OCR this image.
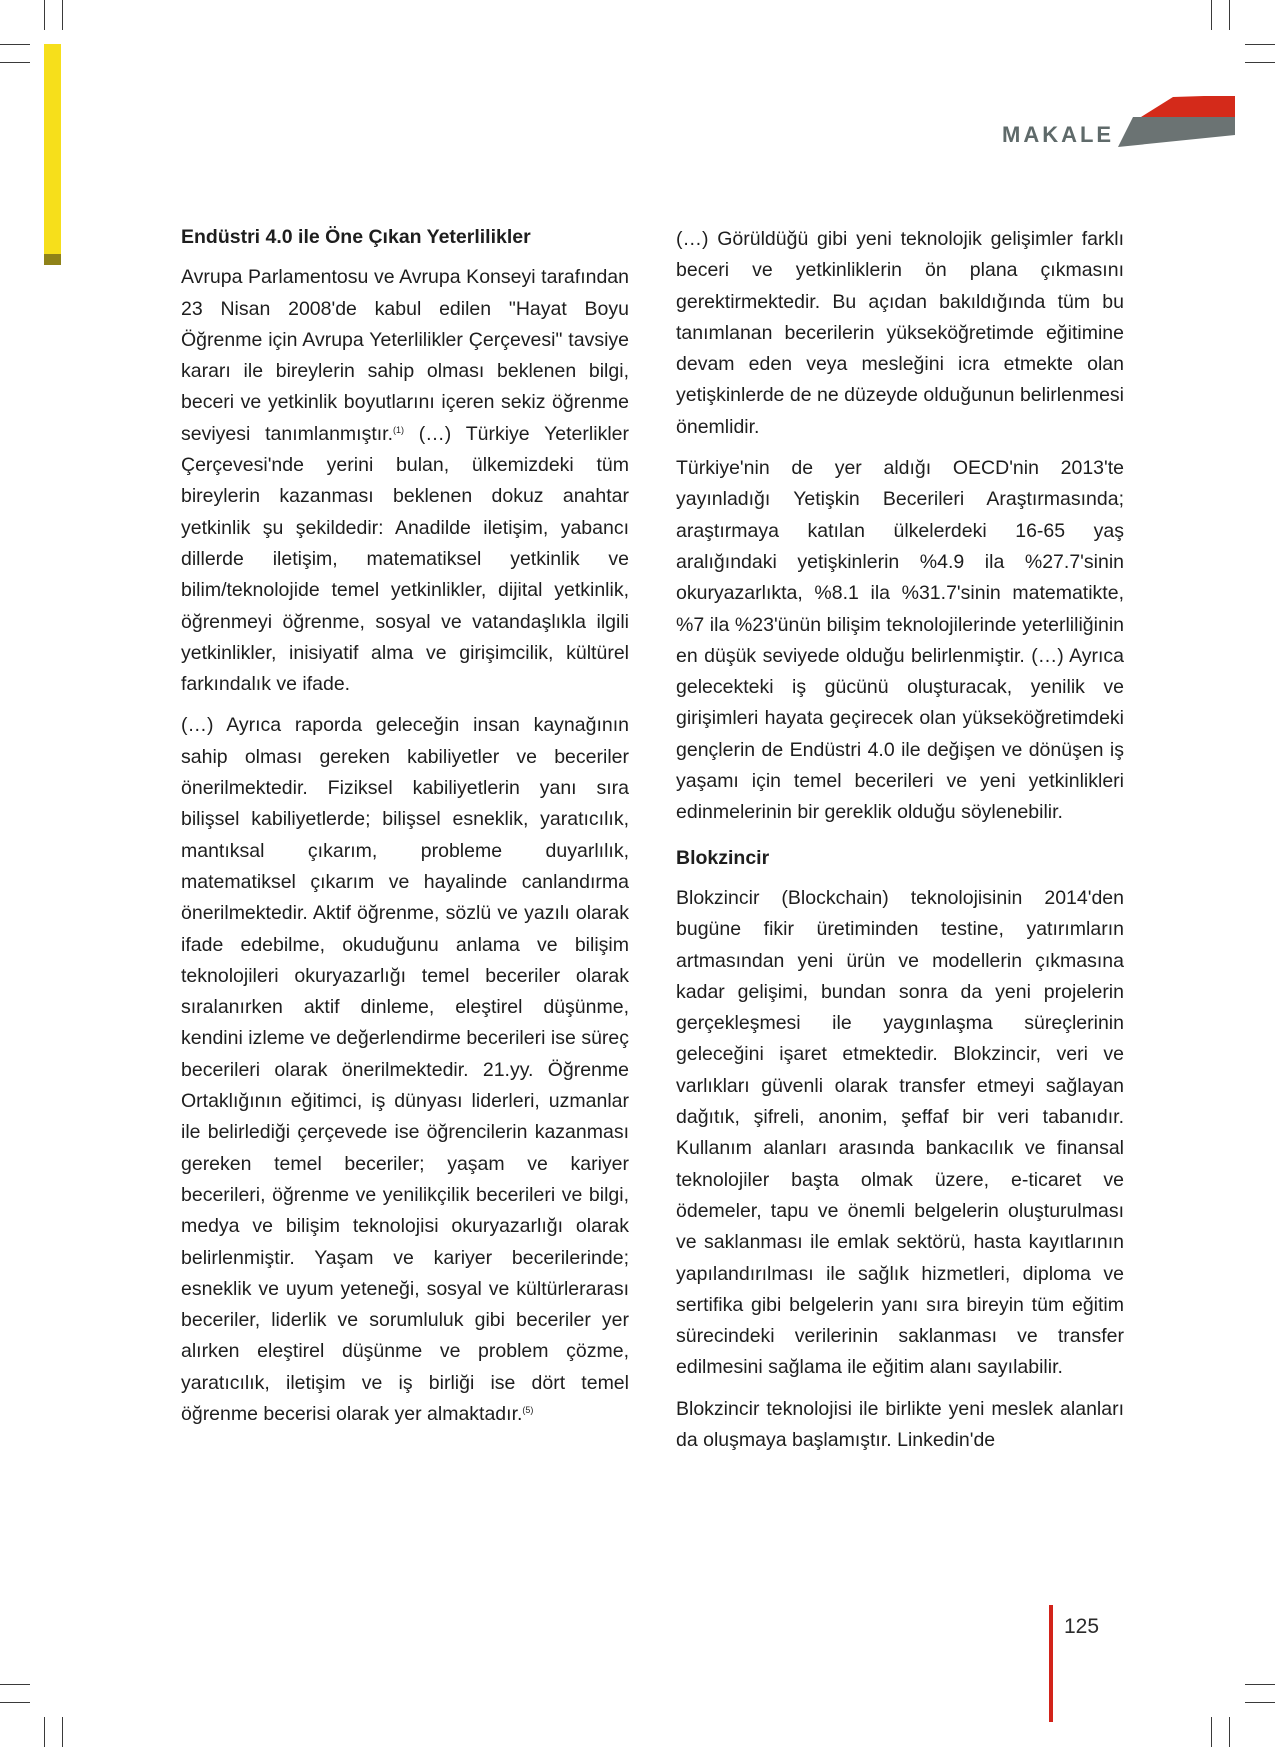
MAKALE

Endüstri 4.0 ile Öne Çıkan Yeterlilikler

Avrupa Parlamentosu ve Avrupa Konseyi tarafından 23 Nisan 2008'de kabul edilen "Hayat Boyu Öğrenme için Avrupa Yeterlilikler Çerçevesi" tavsiye kararı ile bireylerin sahip olması beklenen bilgi, beceri ve yetkinlik boyutlarını içeren sekiz öğrenme seviyesi tanımlanmıştır.$^{(1)}$ (…) Türkiye Yeterlikler Çerçevesi'nde yerini bulan, ülkemizdeki tüm bireylerin kazanması beklenen dokuz anahtar yetkinlik şu şekildedir: Anadilde iletişim, yabancı dillerde iletişim, matematiksel yetkinlik ve bilim/teknolojide temel yetkinlikler, dijital yetkinlik, öğrenmeyi öğrenme, sosyal ve vatandaşlıkla ilgili yetkinlikler, inisiyatif alma ve girişimcilik, kültürel farkındalık ve ifade.

(…) Ayrıca raporda geleceğin insan kaynağının sahip olması gereken kabiliyetler ve beceriler önerilmektedir. Fiziksel kabiliyetlerin yanı sıra bilişsel kabiliyetlerde; bilişsel esneklik, yaratıcılık, mantıksal çıkarım, probleme duyarlılık, matematiksel çıkarım ve hayalinde canlandırma önerilmektedir. Aktif öğrenme, sözlü ve yazılı olarak ifade edebilme, okuduğunu anlama ve bilişim teknolojileri okuryazarlığı temel beceriler olarak sıralanırken aktif dinleme, eleştirel düşünme, kendini izleme ve değerlendirme becerileri ise süreç becerileri olarak önerilmektedir. 21.yy. Öğrenme Ortaklığının eğitimci, iş dünyası liderleri, uzmanlar ile belirlediği çerçevede ise öğrencilerin kazanması gereken temel beceriler; yaşam ve kariyer becerileri, öğrenme ve yenilikçilik becerileri ve bilgi, medya ve bilişim teknolojisi okuryazarlığı olarak belirlenmiştir. Yaşam ve kariyer becerilerinde; esneklik ve uyum yeteneği, sosyal ve kültürlerarası beceriler, liderlik ve sorumluluk gibi beceriler yer alırken eleştirel düşünme ve problem çözme, yaratıcılık, iletişim ve iş birliği ise dört temel öğrenme becerisi olarak yer almaktadır.$^{(5)}$

(…) Görüldüğü gibi yeni teknolojik gelişimler farklı beceri ve yetkinliklerin ön plana çıkmasını gerektirmektedir. Bu açıdan bakıldığında tüm bu tanımlanan becerilerin yükseköğretimde eğitimine devam eden veya mesleğini icra etmekte olan yetişkinlerde de ne düzeyde olduğunun belirlenmesi önemlidir.

Türkiye'nin de yer aldığı OECD'nin 2013'te yayınladığı Yetişkin Becerileri Araştırmasında; araştırmaya katılan ülkelerdeki 16-65 yaş aralığındaki yetişkinlerin %4.9 ila %27.7'sinin okuryazarlıkta, %8.1 ila %31.7'sinin matematikte, %7 ila %23'ünün bilişim teknolojilerinde yeterliliğinin en düşük seviyede olduğu belirlenmiştir. (…) Ayrıca gelecekteki iş gücünü oluşturacak, yenilik ve girişimleri hayata geçirecek olan yükseköğretimdeki gençlerin de Endüstri 4.0 ile değişen ve dönüşen iş yaşamı için temel becerileri ve yeni yetkinlikleri edinmelerinin bir gereklik olduğu söylenebilir.

Blokzincir

Blokzincir (Blockchain) teknolojisinin 2014'den bugüne fikir üretiminden testine, yatırımların artmasından yeni ürün ve modellerin çıkmasına kadar gelişimi, bundan sonra da yeni projelerin gerçekleşmesi ile yaygınlaşma süreçlerinin geleceğini işaret etmektedir. Blokzincir, veri ve varlıkları güvenli olarak transfer etmeyi sağlayan dağıtık, şifreli, anonim, şeffaf bir veri tabanıdır. Kullanım alanları arasında bankacılık ve finansal teknolojiler başta olmak üzere, e-ticaret ve ödemeler, tapu ve önemli belgelerin oluşturulması ve saklanması ile emlak sektörü, hasta kayıtlarının yapılandırılması ile sağlık hizmetleri, diploma ve sertifika gibi belgelerin yanı sıra bireyin tüm eğitim sürecindeki verilerinin saklanması ve transfer edilmesini sağlama ile eğitim alanı sayılabilir.

Blokzincir teknolojisi ile birlikte yeni meslek alanları da oluşmaya başlamıştır. Linkedin'de

125
